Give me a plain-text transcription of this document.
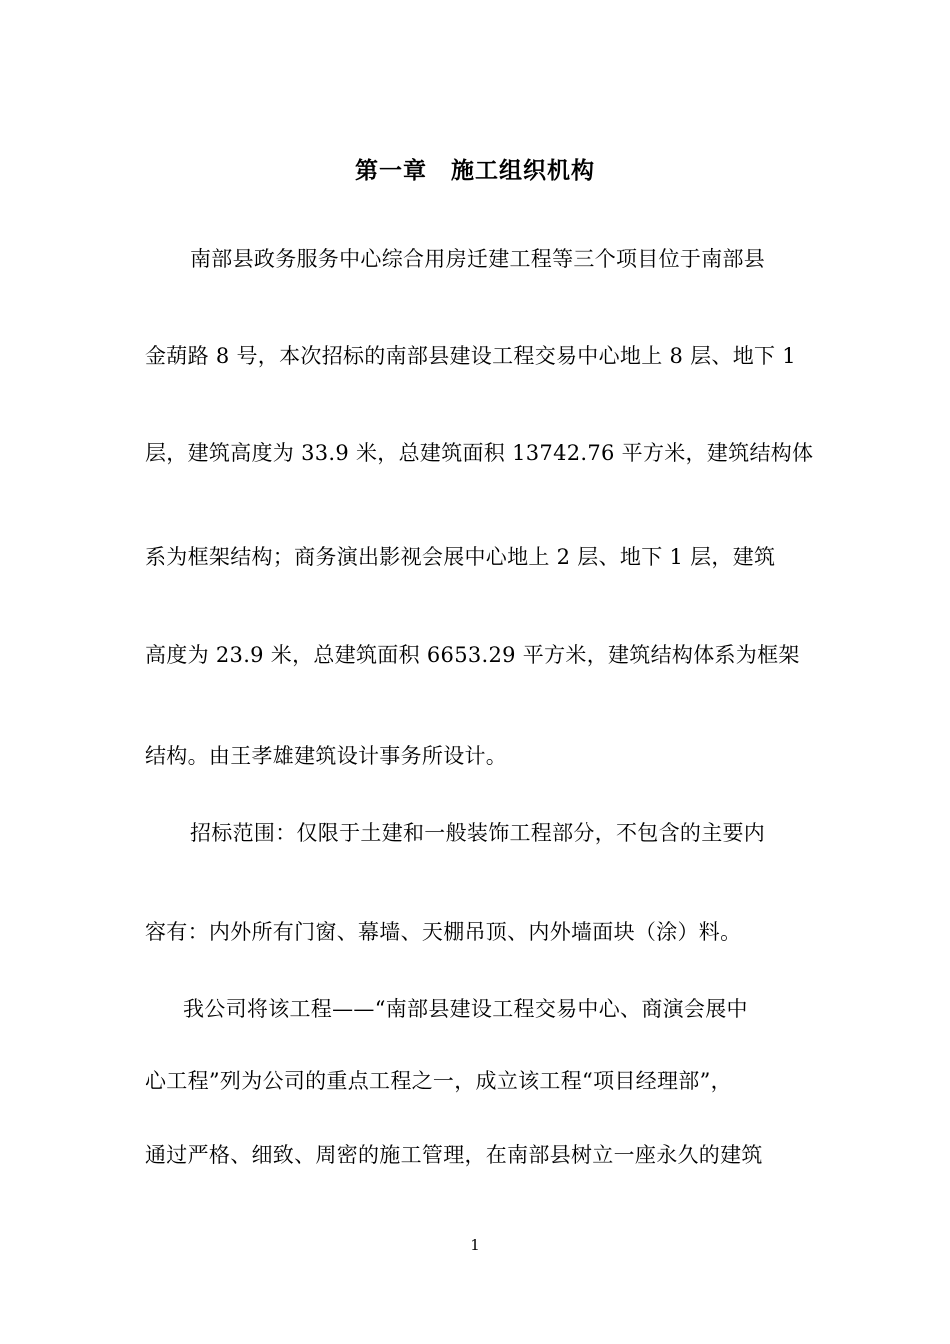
第一章　施工组织机构
南部县政务服务中心综合用房迁建工程等三个项目位于南部县
金葫路 8 号，本次招标的南部县建设工程交易中心地上 8 层、地下 1
层，建筑高度为 33.9 米，总建筑面积 13742.76 平方米，建筑结构体
系为框架结构；商务演出影视会展中心地上 2 层、地下 1 层，建筑
高度为 23.9 米，总建筑面积 6653.29 平方米，建筑结构体系为框架
结构。由王孝雄建筑设计事务所设计。
招标范围：仅限于土建和一般装饰工程部分，不包含的主要内
容有：内外所有门窗、幕墙、天棚吊顶、内外墙面块（涂）料。
我公司将该工程——“南部县建设工程交易中心、商演会展中
心工程”列为公司的重点工程之一，成立该工程“项目经理部”，
通过严格、细致、周密的施工管理，在南部县树立一座永久的建筑
1
